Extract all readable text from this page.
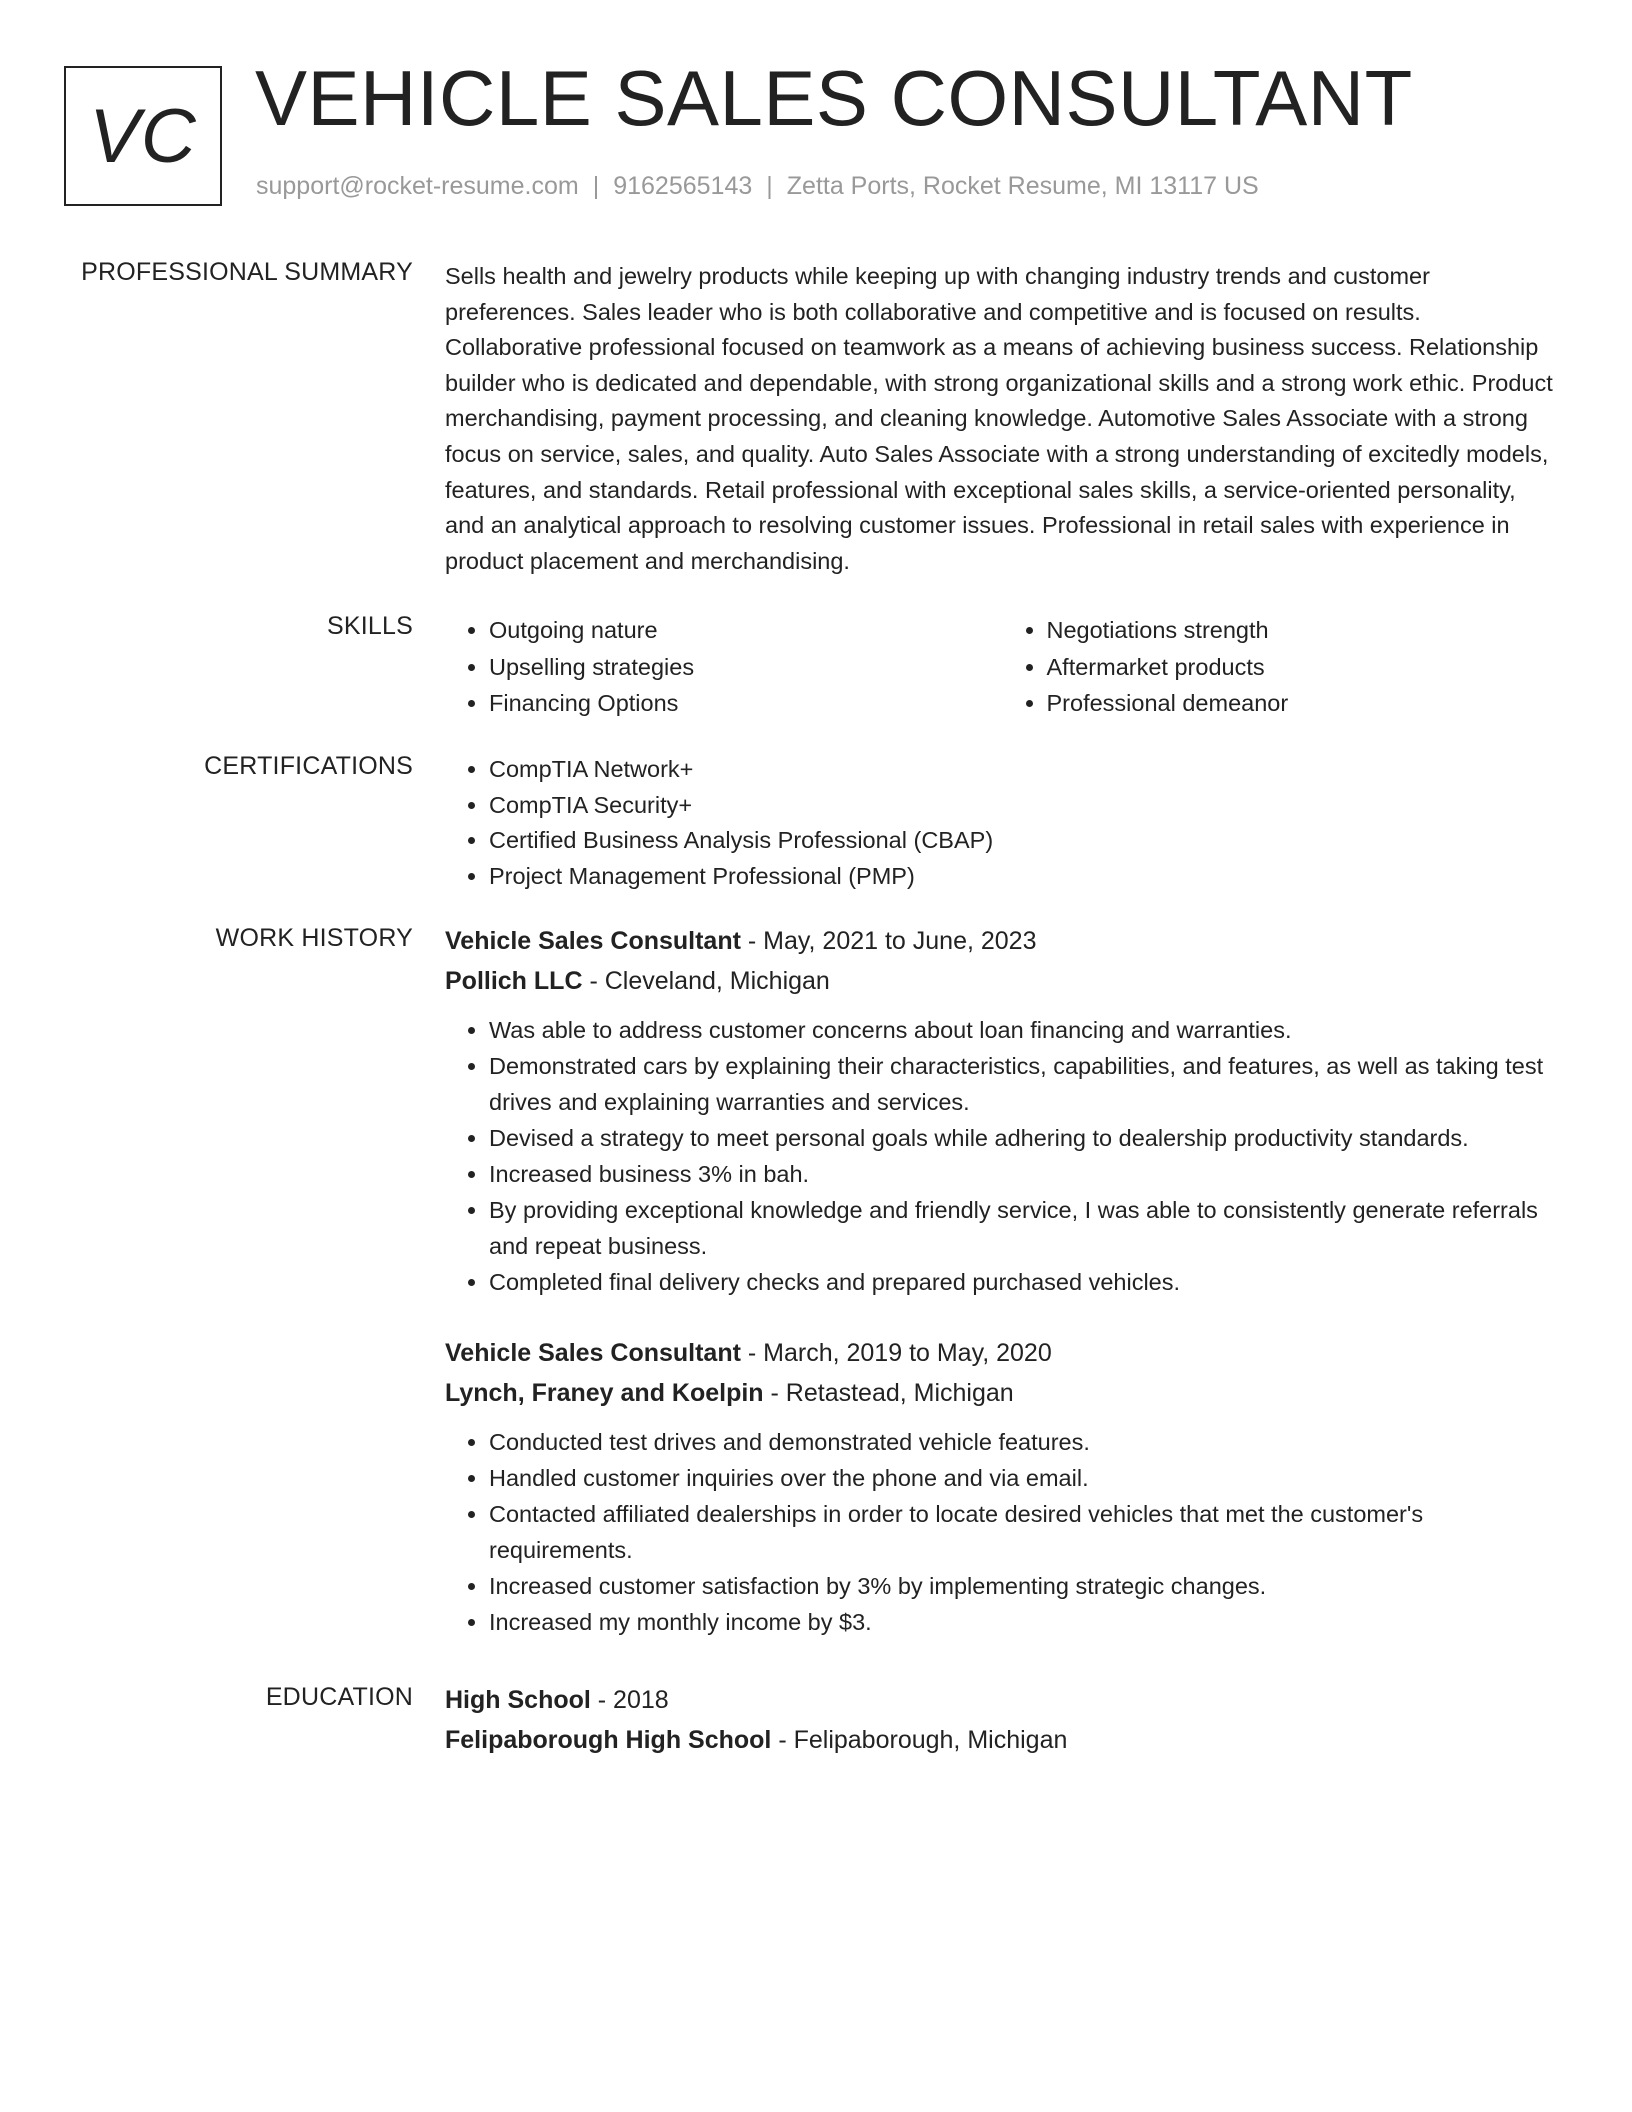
VC VEHICLE SALES CONSULTANT
support@rocket-resume.com | 9162565143 | Zetta Ports, Rocket Resume, MI 13117 US
PROFESSIONAL SUMMARY Sells health and jewelry products while keeping up with changing industry trends and customer preferences. Sales leader who is both collaborative and competitive and is focused on results. Collaborative professional focused on teamwork as a means of achieving business success. Relationship builder who is dedicated and dependable, with strong organizational skills and a strong work ethic. Product merchandising, payment processing, and cleaning knowledge. Automotive Sales Associate with a strong focus on service, sales, and quality. Auto Sales Associate with a strong understanding of excitedly models, features, and standards. Retail professional with exceptional sales skills, a service-oriented personality, and an analytical approach to resolving customer issues. Professional in retail sales with experience in product placement and merchandising.
SKILLS	• Outgoing nature
• Upselling strategies
• Financing Options
• Negotiations strength
• Aftermarket products
• Professional demeanor
CERTIFICATIONS	• CompTIA Network+
• CompTIA Security+
• Certified Business Analysis Professional (CBAP)
• Project Management Professional (PMP)
WORK HISTORY Vehicle Sales Consultant - May, 2021 to June, 2023
Pollich LLC - Cleveland, Michigan
• Was able to address customer concerns about loan financing and warranties.
• Demonstrated cars by explaining their characteristics, capabilities, and features, as well as taking test drives and explaining warranties and services.
• Devised a strategy to meet personal goals while adhering to dealership productivity standards.
• Increased business 3% in bah.
• By providing exceptional knowledge and friendly service, I was able to consistently generate referrals and repeat business.
• Completed final delivery checks and prepared purchased vehicles.
Vehicle Sales Consultant - March, 2019 to May, 2020
Lynch, Franey and Koelpin - Retastead, Michigan
• Conducted test drives and demonstrated vehicle features.
• Handled customer inquiries over the phone and via email.
• Contacted affiliated dealerships in order to locate desired vehicles that met the customer's requirements.
• Increased customer satisfaction by 3% by implementing strategic changes.
• Increased my monthly income by $3.
EDUCATION High School - 2018
Felipaborough High School - Felipaborough, Michigan
